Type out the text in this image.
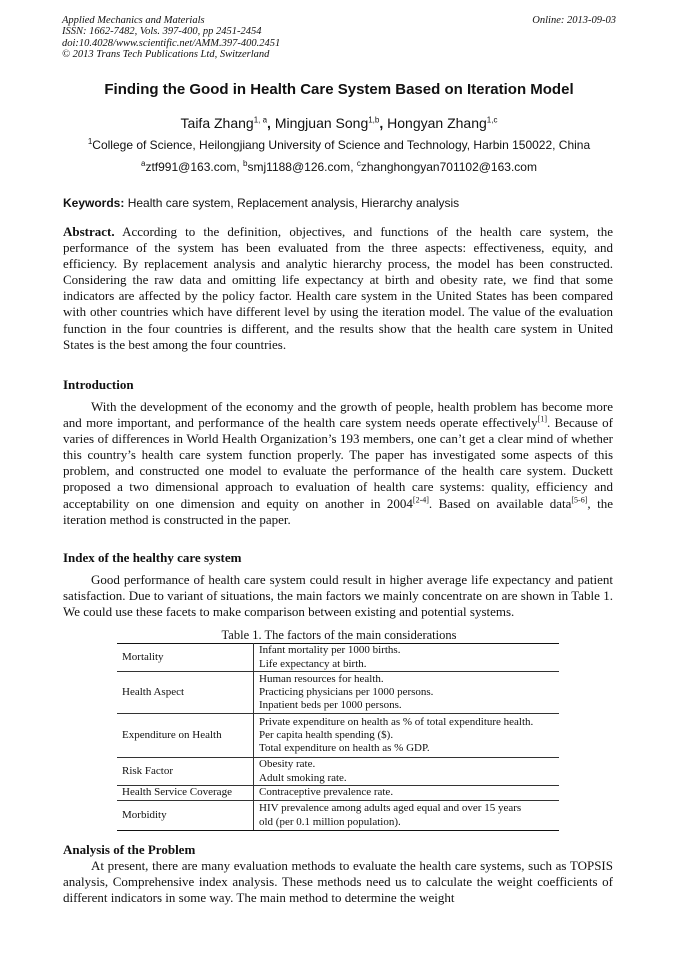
Applied Mechanics and Materials
ISSN: 1662-7482, Vols. 397-400, pp 2451-2454
doi:10.4028/www.scientific.net/AMM.397-400.2451
© 2013 Trans Tech Publications Ltd, Switzerland
Online: 2013-09-03
Finding the Good in Health Care System Based on Iteration Model
Taifa Zhang$^{1, a}$, Mingjuan Song$^{1,b}$, Hongyan Zhang$^{1,c}$
$^1$College of Science, Heilongjiang University of Science and Technology, Harbin 150022, China
$^a$ztf991@163.com, $^b$smj1188@126.com, $^c$zhanghongyan701102@163.com
Keywords: Health care system, Replacement analysis, Hierarchy analysis

Abstract. According to the definition, objectives, and functions of the health care system, the performance of the system has been evaluated from the three aspects: effectiveness, equity, and efficiency. By replacement analysis and analytic hierarchy process, the model has been constructed. Considering the raw data and omitting life expectancy at birth and obesity rate, we find that some indicators are affected by the policy factor. Health care system in the United States has been compared with other countries which have different level by using the iteration model. The value of the evaluation function in the four countries is different, and the results show that the health care system in United States is the best among the four countries.

Introduction

With the development of the economy and the growth of people, health problem has become more and more important, and performance of the health care system needs operate effectively[1]. Because of varies of differences in World Health Organization’s 193 members, one can’t get a clear mind of whether this country’s health care system function properly. The paper has investigated some aspects of this problem, and constructed one model to evaluate the performance of the health care system. Duckett proposed a two dimensional approach to evaluation of health care systems: quality, efficiency and acceptability on one dimension and equity on another in 2004[2-4]. Based on available data[5-6], the iteration method is constructed in the paper.

Index of the healthy care system

Good performance of health care system could result in higher average life expectancy and patient satisfaction. Due to variant of situations, the main factors we mainly concentrate on are shown in Table 1. We could use these facets to make comparison between existing and potential systems.

Table 1. The factors of the main considerations
Mortality	Infant mortality per 1000 births.
Life expectancy at birth.

Health Aspect	Human resources for health.
Practicing physicians per 1000 persons.
Inpatient beds per 1000 persons.

Expenditure on Health	Private expenditure on health as % of total expenditure health.
Per capita health spending ($).
Total expenditure on health as % GDP.

Risk Factor	Obesity rate.
Adult smoking rate.

Health Service Coverage	Contraceptive prevalence rate.

Morbidity	HIV prevalence among adults aged equal and over 15 years
old (per 0.1 million population).
Analysis of the Problem

At present, there are many evaluation methods to evaluate the health care systems, such as TOPSIS analysis, Comprehensive index analysis. These methods need us to calculate the weight coefficients of different indicators in some way. The main method to determine the weight
